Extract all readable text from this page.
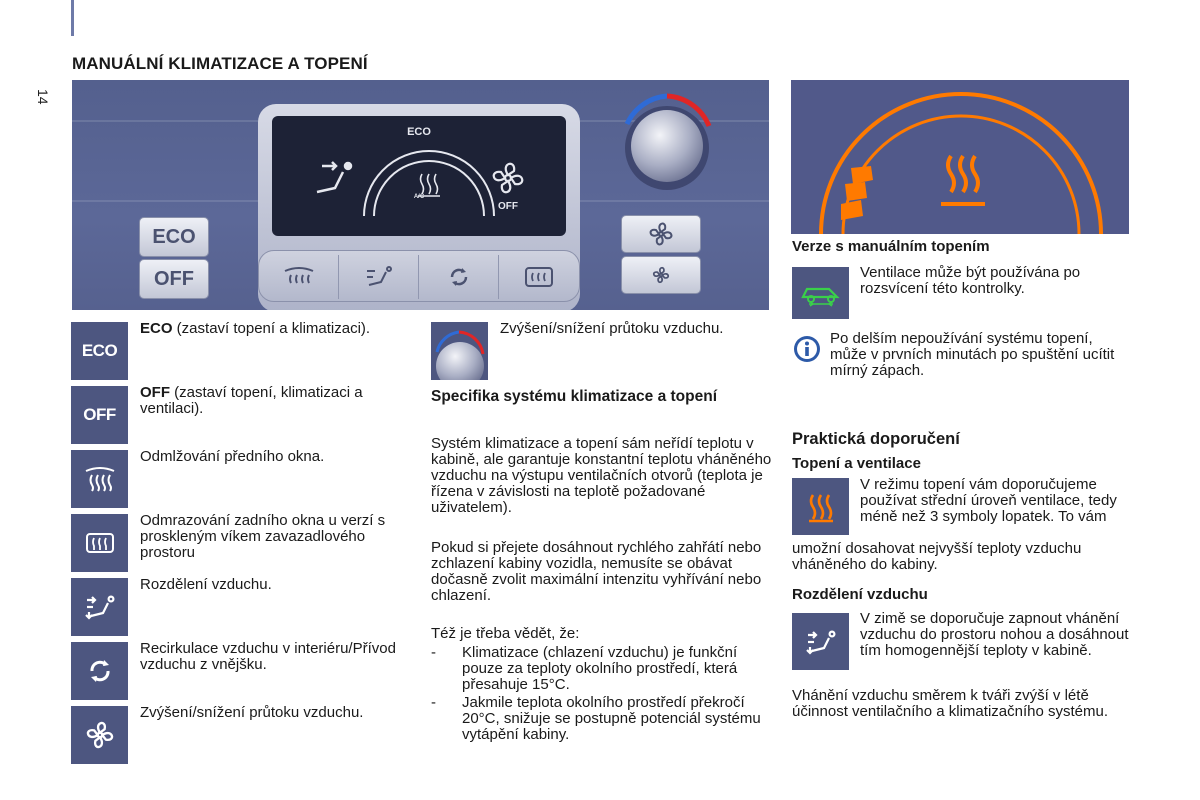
14
MANUÁLNÍ KLIMATIZACE A TOPENÍ
ECO
A/C
OFF
ECO
OFF
Verze s manuálním topením
Ventilace může být používána po rozsvícení této kontrolky.
Po delším nepoužívání systému topení, může v prvních minutách po spuštění ucítit mírný zápach.
Praktická doporučení
Topení a ventilace
V režimu topení vám doporučujeme používat střední úroveň ventilace, tedy méně než 3 symboly lopatek. To vám
umožní dosahovat nejvyšší teploty vzduchu vháněného do kabiny.
Rozdělení vzduchu
V zimě se doporučuje zapnout vhánění vzduchu do prostoru nohou a dosáhnout tím homogennější teploty v kabině.
Vhánění vzduchu směrem k tváři zvýší v létě účinnost ventilačního a klimatizačního systému.
ECO
ECO (zastaví topení a klimatizaci).
OFF
OFF (zastaví topení, klimatizaci a ventilaci).
Odmlžování předního okna.
Odmrazování zadního okna u verzí s proskleným víkem zavazadlového prostoru
Rozdělení vzduchu.
Recirkulace vzduchu v interiéru/Přívod vzduchu z vnějšku.
Zvýšení/snížení průtoku vzduchu.
Zvýšení/snížení průtoku vzduchu.
Specifika systému klimatizace a topení
Systém klimatizace a topení sám neřídí teplotu v kabině, ale garantuje konstantní teplotu vháněného vzduchu na výstupu ventilačních otvorů (teplota je řízena v závislosti na teplotě požadované uživatelem).
Pokud si přejete dosáhnout rychlého zahřátí nebo zchlazení kabiny vozidla, nemusíte se obávat dočasně zvolit maximální intenzitu vyhřívání nebo chlazení.
Též je třeba vědět, že:
- Klimatizace (chlazení vzduchu) je funkční pouze za teploty okolního prostředí, která přesahuje 15°C.
- Jakmile teplota okolního prostředí překročí 20°C, snižuje se postupně potenciál systému vytápění kabiny.
